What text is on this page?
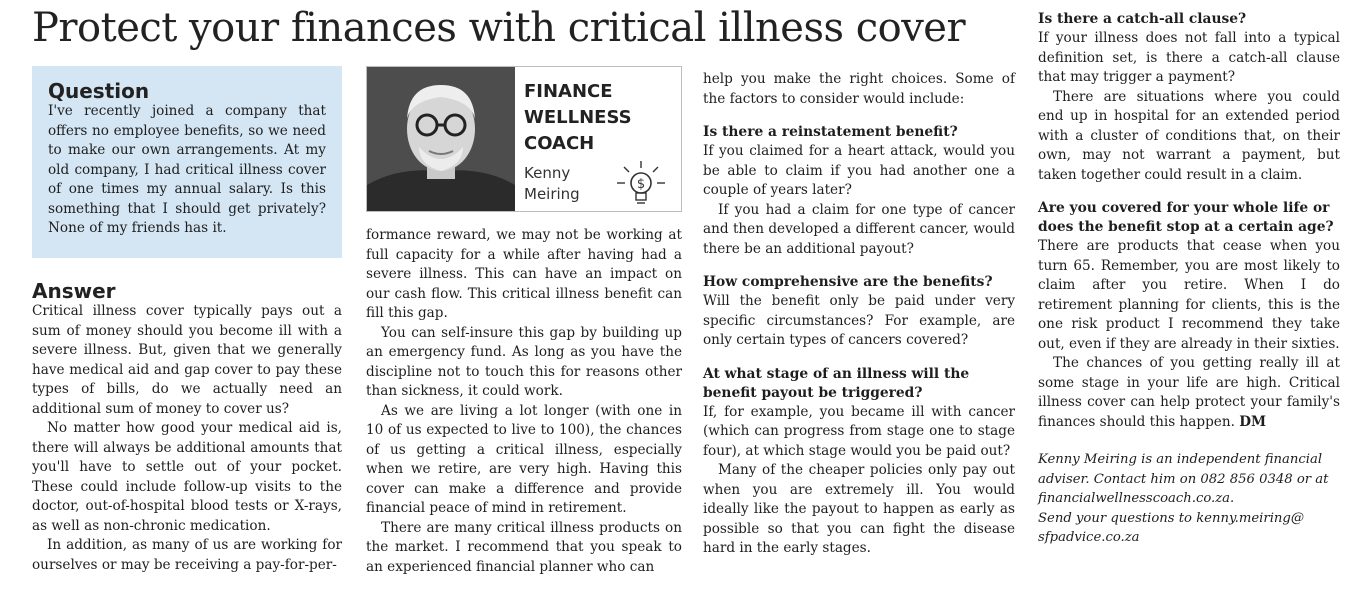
Protect your finances with critical illness cover
Question

I've recently joined a company that offers no employee benefits, so we need to make our own arrangements. At my old company, I had critical illness cover of one times my annual salary. Is this something that I should get privately? None of my friends has it.

Answer

Critical illness cover typically pays out a sum of money should you become ill with a severe illness. But, given that we generally have medical aid and gap cover to pay these types of bills, do we actually need an additional sum of money to cover us?

No matter how good your medical aid is, there will always be additional amounts that you'll have to settle out of your pocket. These could include follow-up visits to the doctor, out-of-hospital blood tests or X-rays, as well as non-chronic medication.

In addition, as many of us are working for ourselves or may be receiving a pay-for-per-

FINANCE
WELLNESS
COACH
Kenny
Meiring
$

formance reward, we may not be working at full capacity for a while after having had a severe illness. This can have an impact on our cash flow. This critical illness benefit can fill this gap.

You can self-insure this gap by building up an emergency fund. As long as you have the discipline not to touch this for reasons other than sickness, it could work.

As we are living a lot longer (with one in 10 of us expected to live to 100), the chances of us getting a critical illness, especially when we retire, are very high. Having this cover can make a difference and provide financial peace of mind in retirement.

There are many critical illness products on the market. I recommend that you speak to an experienced financial planner who can

help you make the right choices. Some of the factors to consider would include:

Is there a reinstatement benefit?

If you claimed for a heart attack, would you be able to claim if you had another one a couple of years later?

If you had a claim for one type of cancer and then developed a different cancer, would there be an additional payout?

How comprehensive are the benefits?

Will the benefit only be paid under very specific circumstances? For example, are only certain types of cancers covered?

At what stage of an illness will the benefit payout be triggered?

If, for example, you became ill with cancer (which can progress from stage one to stage four), at which stage would you be paid out?

Many of the cheaper policies only pay out when you are extremely ill. You would ideally like the payout to happen as early as possible so that you can fight the disease hard in the early stages.

Is there a catch-all clause?

If your illness does not fall into a typical definition set, is there a catch-all clause that may trigger a payment?

There are situations where you could end up in hospital for an extended period with a cluster of conditions that, on their own, may not warrant a payment, but taken together could result in a claim.

Are you covered for your whole life or does the benefit stop at a certain age?

There are products that cease when you turn 65. Remember, you are most likely to claim after you retire. When I do retirement planning for clients, this is the one risk product I recommend they take out, even if they are already in their sixties.

The chances of you getting really ill at some stage in your life are high. Critical illness cover can help protect your family's finances should this happen. DM

Kenny Meiring is an independent financial adviser. Contact him on 082 856 0348 or at financialwellnesscoach.co.za.

Send your questions to kenny.meiring@ sfpadvice.co.za
